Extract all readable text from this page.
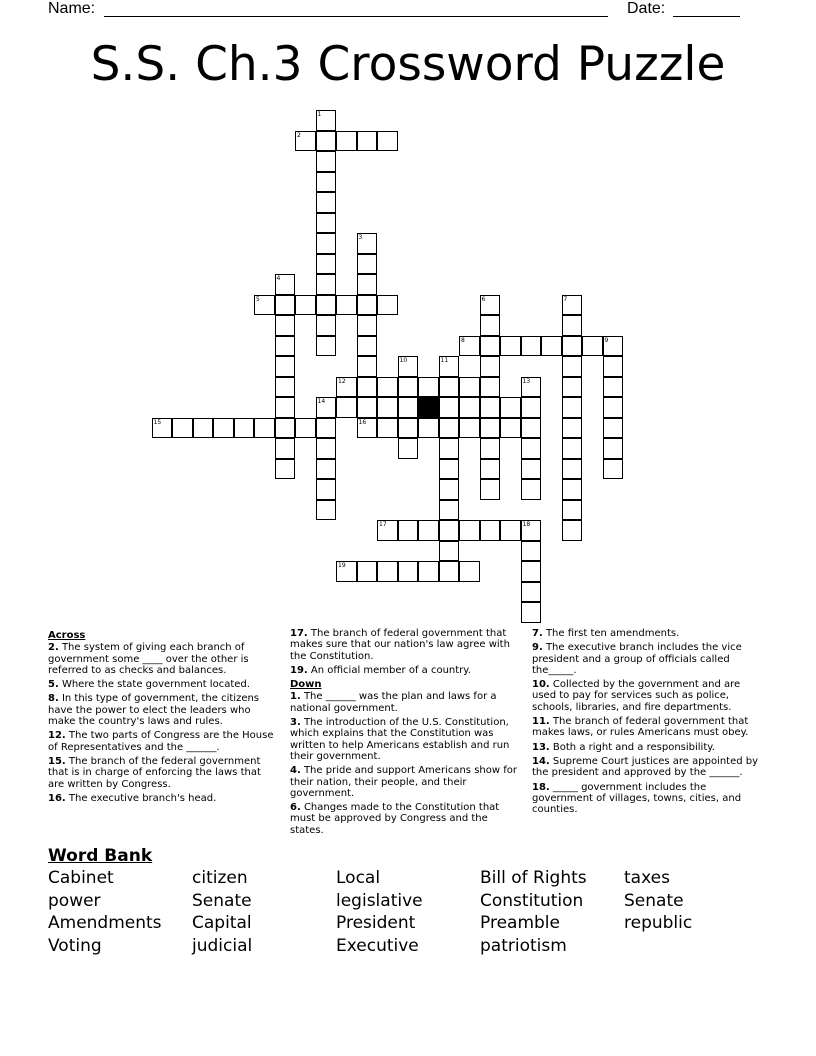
Name:	Date:
S.S. Ch.3 Crossword Puzzle
1
2
3
4
5	6	7
8	9
10	11
12	13
14
15	16
17	18
19
Across
2. The system of giving each branch of government some ____ over the other is referred to as checks and balances.
5. Where the state government located.
8. In this type of government, the citizens have the power to elect the leaders who make the country's laws and rules.
12. The two parts of Congress are the House of Representatives and the ______.
15. The branch of the federal government that is in charge of enforcing the laws that are written by Congress.
16. The executive branch's head.
17. The branch of federal government that makes sure that our nation's law agree with the Constitution.
19. An official member of a country.
Down
1. The ______ was the plan and laws for a national government.
3. The introduction of the U.S. Constitution, which explains that the Constitution was written to help Americans establish and run their government.
4. The pride and support Americans show for their nation, their people, and their government.
6. Changes made to the Constitution that must be approved by Congress and the states.
7. The first ten amendments.
9. The executive branch includes the vice president and a group of officials called the_____.
10. Collected by the government and are used to pay for services such as police, schools, libraries, and fire departments.
11. The branch of federal government that makes laws, or rules Americans must obey.
13. Both a right and a responsibility.
14. Supreme Court justices are appointed by the president and approved by the ______.
18. _____ government includes the government of villages, towns, cities, and counties.
Word Bank
Cabinet	citizen	Local	Bill of Rights	taxes
power	Senate	legislative	Constitution	Senate
Amendments	Capital	President	Preamble	republic
Voting	judicial	Executive	patriotism
